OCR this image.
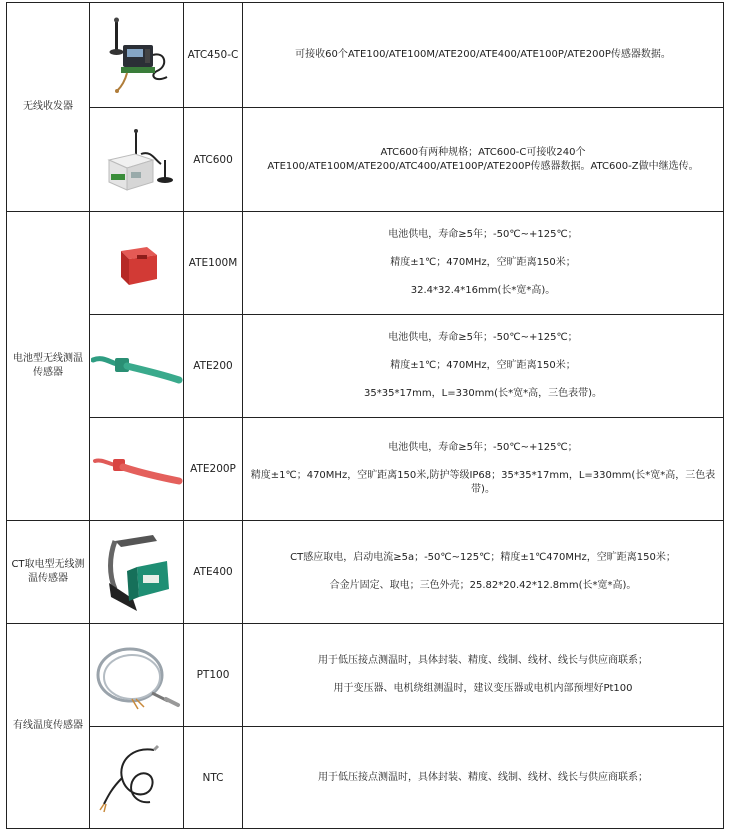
无线收发器		ATC450-C	可接收60个ATE100/ATE100M/ATE200/ATE400/ATE100P/ATE200P传感器数据。

	ATC600	ATC600有两种规格；ATC600-C可接收240个ATE100/ATE100M/ATE200/ATC400/ATE100P/ATE200P传感器数据。ATC600-Z做中继选传。

电池型无线测温传感器		ATE100M	电池供电，寿命≥5年；-50℃~+125℃；

精度±1℃；470MHz，空旷距离150米；

32.4*32.4*16mm(长*宽*高)。

	ATE200	电池供电，寿命≥5年；-50℃~+125℃；

精度±1℃；470MHz，空旷距离150米；

35*35*17mm，L=330mm(长*宽*高，三色表带)。

	ATE200P	电池供电，寿命≥5年；-50℃~+125℃；

精度±1℃；470MHz，空旷距离150米,防护等级IP68；35*35*17mm，L=330mm(长*宽*高，三色表带)。

CT取电型无线测温传感器		ATE400	CT感应取电，启动电流≥5a；-50℃~125℃；精度±1℃470MHz，空旷距离150米；

合金片固定、取电；三色外壳；25.82*20.42*12.8mm(长*宽*高)。

有线温度传感器		PT100	用于低压接点测温时，具体封装、精度、线制、线材、线长与供应商联系；

用于变压器、电机绕组测温时，建议变压器或电机内部预埋好Pt100

	NTC	用于低压接点测温时，具体封装、精度、线制、线材、线长与供应商联系；
